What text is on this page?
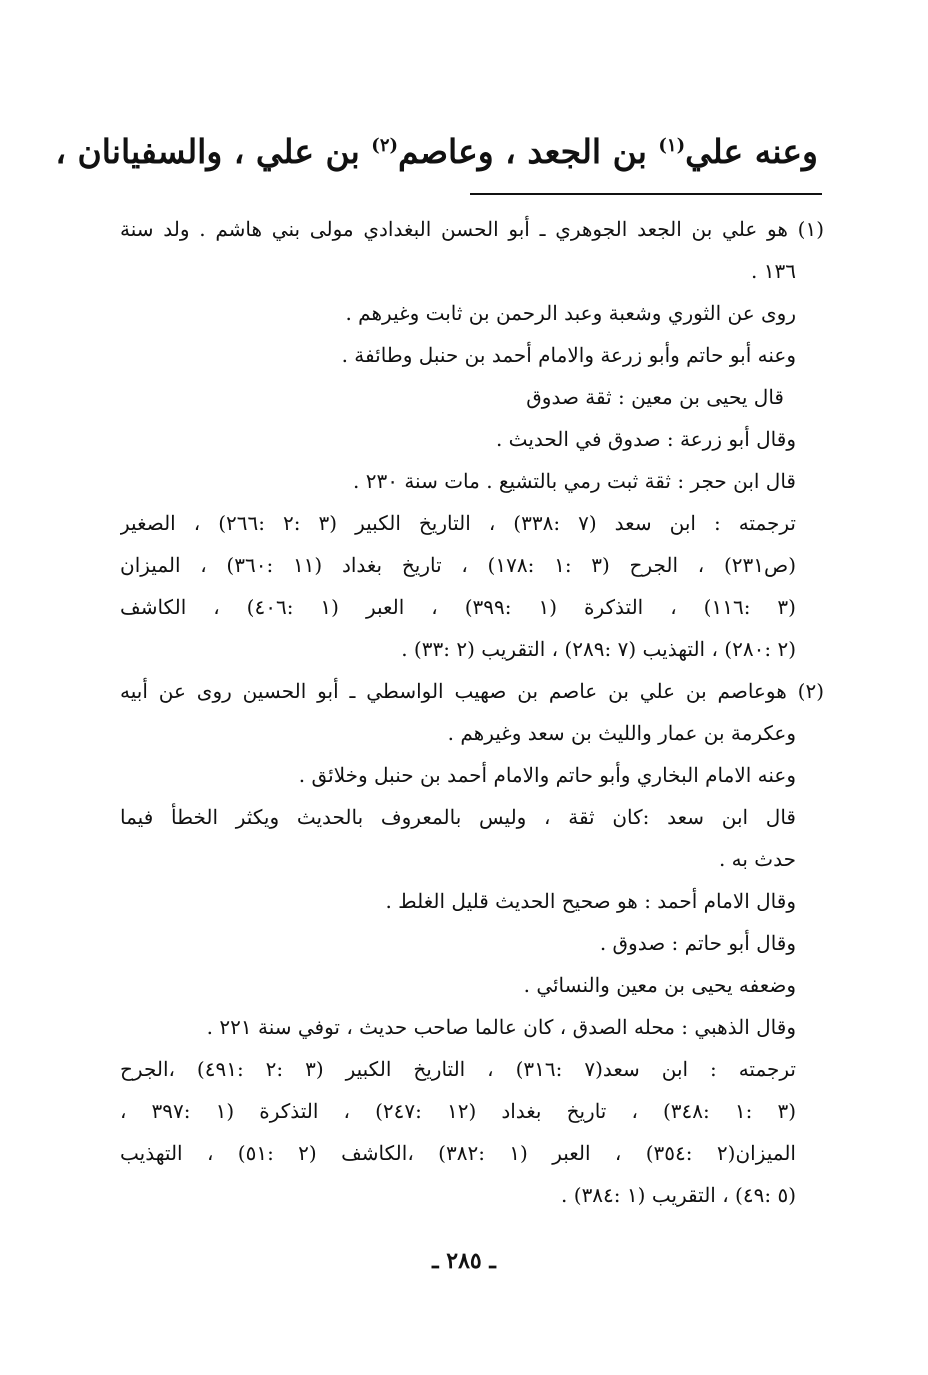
وعنه علي$^{(١)}$ بن الجعد ، وعاصم$^{(٢)}$ بن علي ، والسفيانان ،
(١) هو علي بن الجعد الجوهري ـ أبو الحسن البغدادي مولى بني هاشم . ولد سنة
١٣٦ .
روى عن الثوري وشعبة وعبد الرحمن بن ثابت وغيرهم .
وعنه أبو حاتم وأبو زرعة والامام أحمد بن حنبل وطائفة .
قال يحيى بن معين : ثقة صدوق
وقال أبو زرعة : صدوق في الحديث .
قال ابن حجر : ثقة ثبت رمي بالتشيع . مات سنة ٢٣٠ .
ترجمته : ابن سعد (٧ :٣٣٨) ، التاريخ الكبير (٣ :٢ :٢٦٦) ، الصغير
(ص٢٣١) ، الجرح (٣ :١ :١٧٨) ، تاريخ بغداد (١١ :٣٦٠) ، الميزان
(٣ :١١٦) ، التذكرة (١ :٣٩٩) ، العبر (١ :٤٠٦) ، الكاشف
(٢ :٢٨٠) ، التهذيب (٧ :٢٨٩) ، التقريب (٢ :٣٣) .
(٢) هوعاصم بن علي بن عاصم بن صهيب الواسطي ـ أبو الحسين روى عن أبيه
وعكرمة بن عمار والليث بن سعد وغيرهم .
وعنه الامام البخاري وأبو حاتم والامام أحمد بن حنبل وخلائق .
قال ابن سعد :كان ثقة ، وليس بالمعروف بالحديث ويكثر الخطأ فيما
حدث به .
وقال الامام أحمد : هو صحيح الحديث قليل الغلط .
وقال أبو حاتم : صدوق .
وضعفه يحيى بن معين والنسائي .
وقال الذهبي : محله الصدق ، كان عالما صاحب حديث ، توفي سنة ٢٢١ .
ترجمته : ابن سعد(٧ :٣١٦) ، التاريخ الكبير (٣ :٢ :٤٩١) ،الجرح
(٣ :١ :٣٤٨) ، تاريخ بغداد (١٢ :٢٤٧) ، التذكرة (١ :٣٩٧ ،
الميزان(٢ :٣٥٤) ، العبر (١ :٣٨٢) ،الكاشف (٢ :٥١) ، التهذيب
(٥ :٤٩) ، التقريب (١ :٣٨٤) .
ـ ٢٨٥ ـ
